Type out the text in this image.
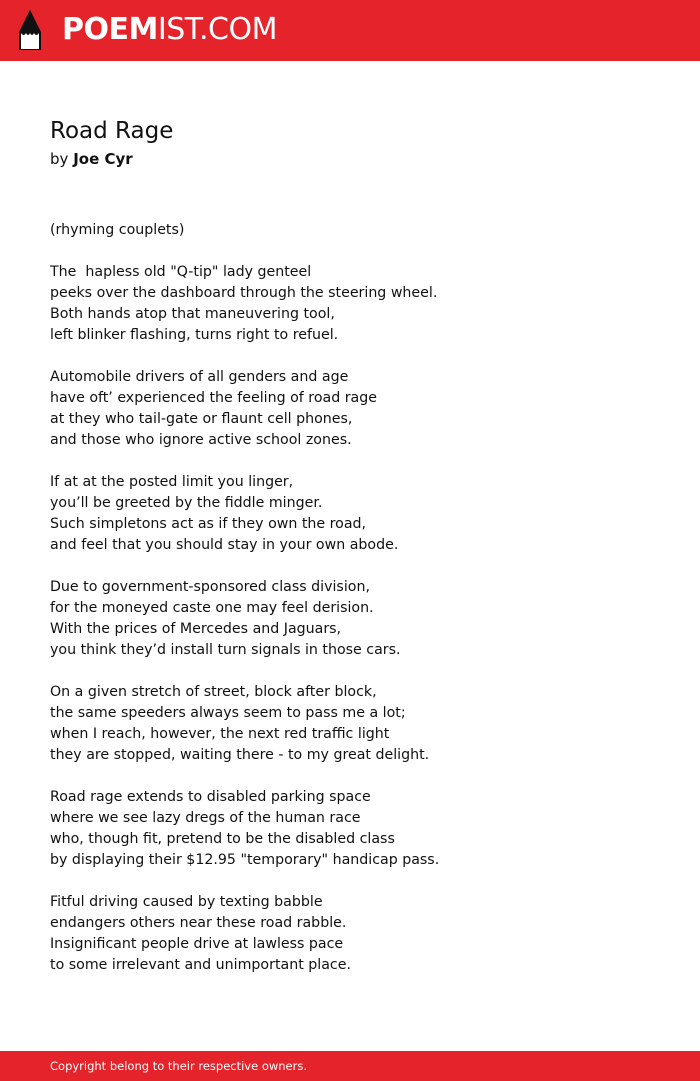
POEMIST.COM
Road Rage
by Joe Cyr
(rhyming couplets)
The  hapless old "Q-tip" lady genteel
peeks over the dashboard through the steering wheel.
Both hands atop that maneuvering tool,
left blinker flashing, turns right to refuel.
Automobile drivers of all genders and age
have oft’ experienced the feeling of road rage
at they who tail-gate or flaunt cell phones,
and those who ignore active school zones.
If at at the posted limit you linger,
you’ll be greeted by the fiddle minger.
Such simpletons act as if they own the road,
and feel that you should stay in your own abode.
Due to government-sponsored class division,
for the moneyed caste one may feel derision.
With the prices of Mercedes and Jaguars,
you think they’d install turn signals in those cars.
On a given stretch of street, block after block,
the same speeders always seem to pass me a lot;
when I reach, however, the next red traffic light
they are stopped, waiting there - to my great delight.
Road rage extends to disabled parking space
where we see lazy dregs of the human race
who, though fit, pretend to be the disabled class
by displaying their $12.95 "temporary" handicap pass.
Fitful driving caused by texting babble
endangers others near these road rabble.
Insignificant people drive at lawless pace
to some irrelevant and unimportant place.
Copyright belong to their respective owners.
